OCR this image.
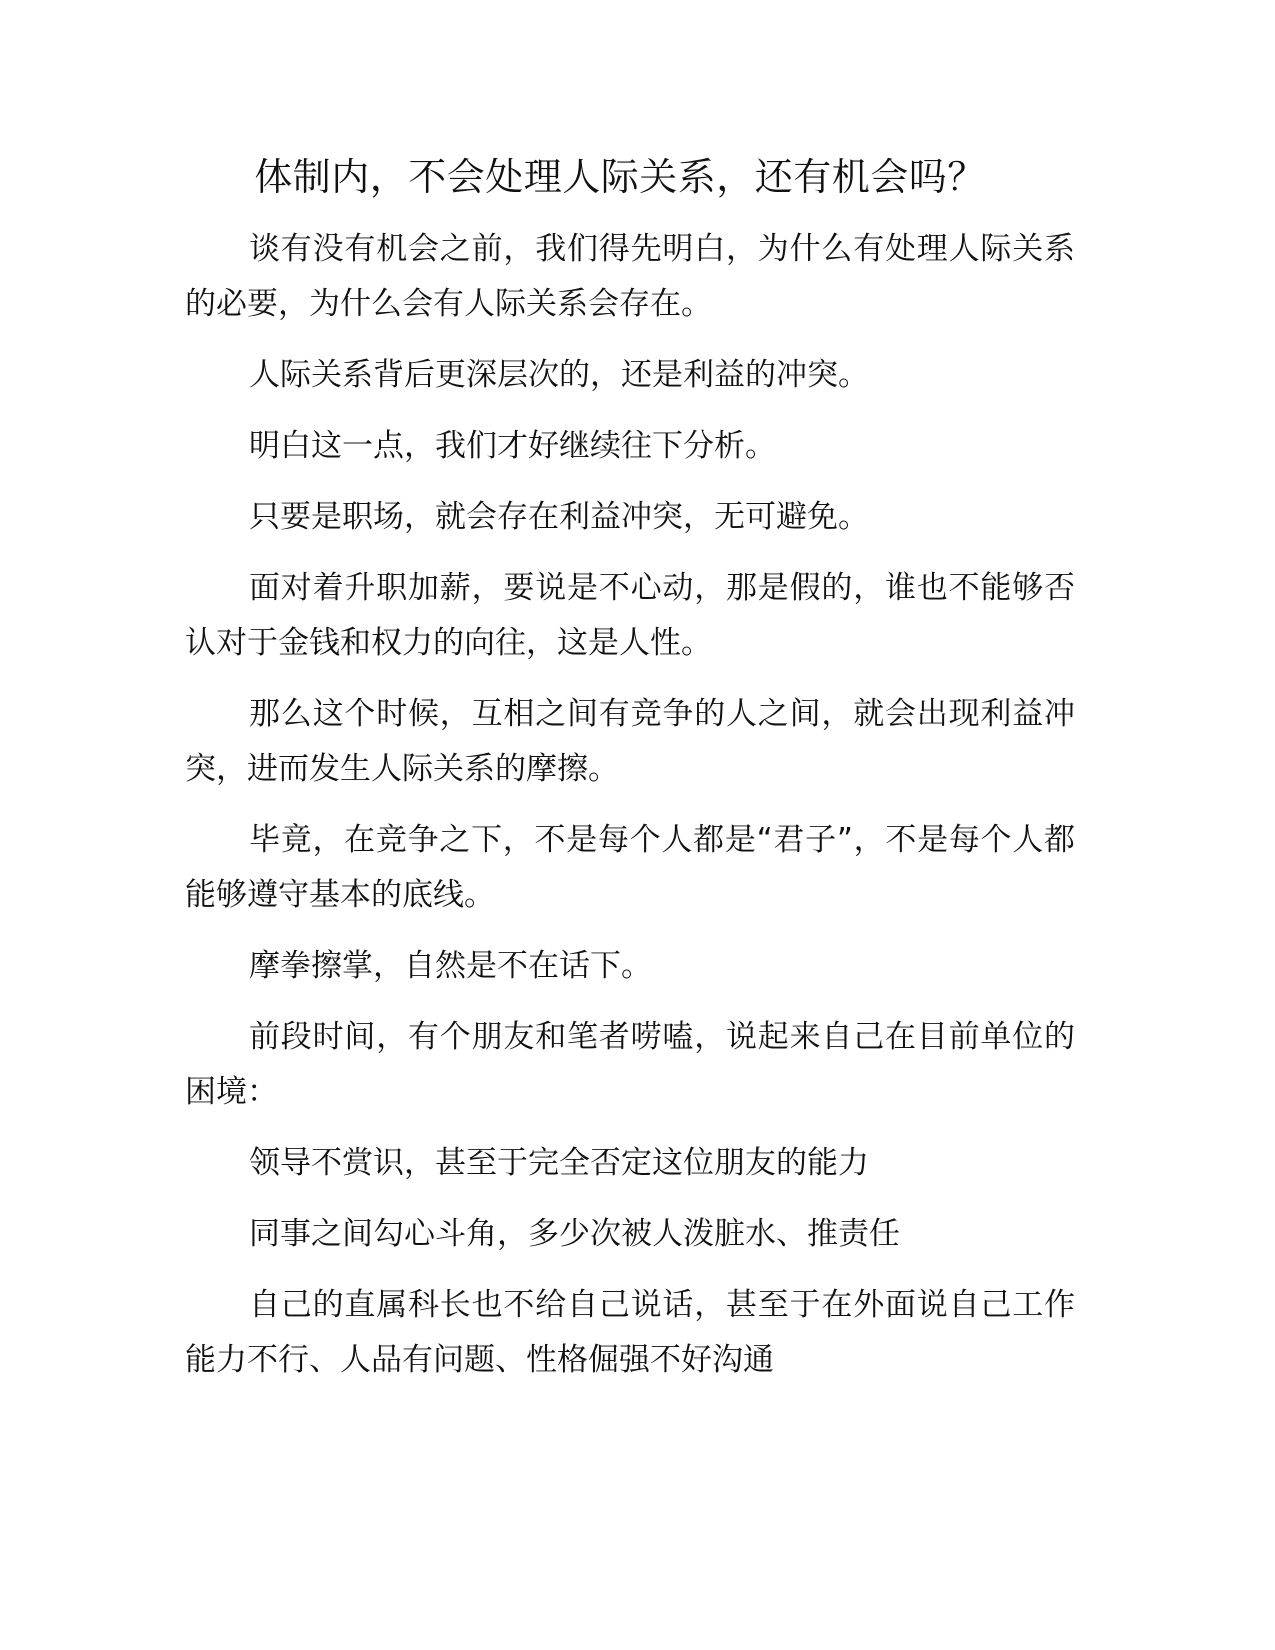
体制内，不会处理人际关系，还有机会吗？

谈有没有机会之前，我们得先明白，为什么有处理人际关系的必要，为什么会有人际关系会存在。

人际关系背后更深层次的，还是利益的冲突。

明白这一点，我们才好继续往下分析。

只要是职场，就会存在利益冲突，无可避免。

面对着升职加薪，要说是不心动，那是假的，谁也不能够否认对于金钱和权力的向往，这是人性。

那么这个时候，互相之间有竞争的人之间，就会出现利益冲突，进而发生人际关系的摩擦。

毕竟，在竞争之下，不是每个人都是“君子”，不是每个人都能够遵守基本的底线。

摩拳擦掌，自然是不在话下。

前段时间，有个朋友和笔者唠嗑，说起来自己在目前单位的困境：

领导不赏识，甚至于完全否定这位朋友的能力

同事之间勾心斗角，多少次被人泼脏水、推责任

自己的直属科长也不给自己说话，甚至于在外面说自己工作能力不行、人品有问题、性格倔强不好沟通
